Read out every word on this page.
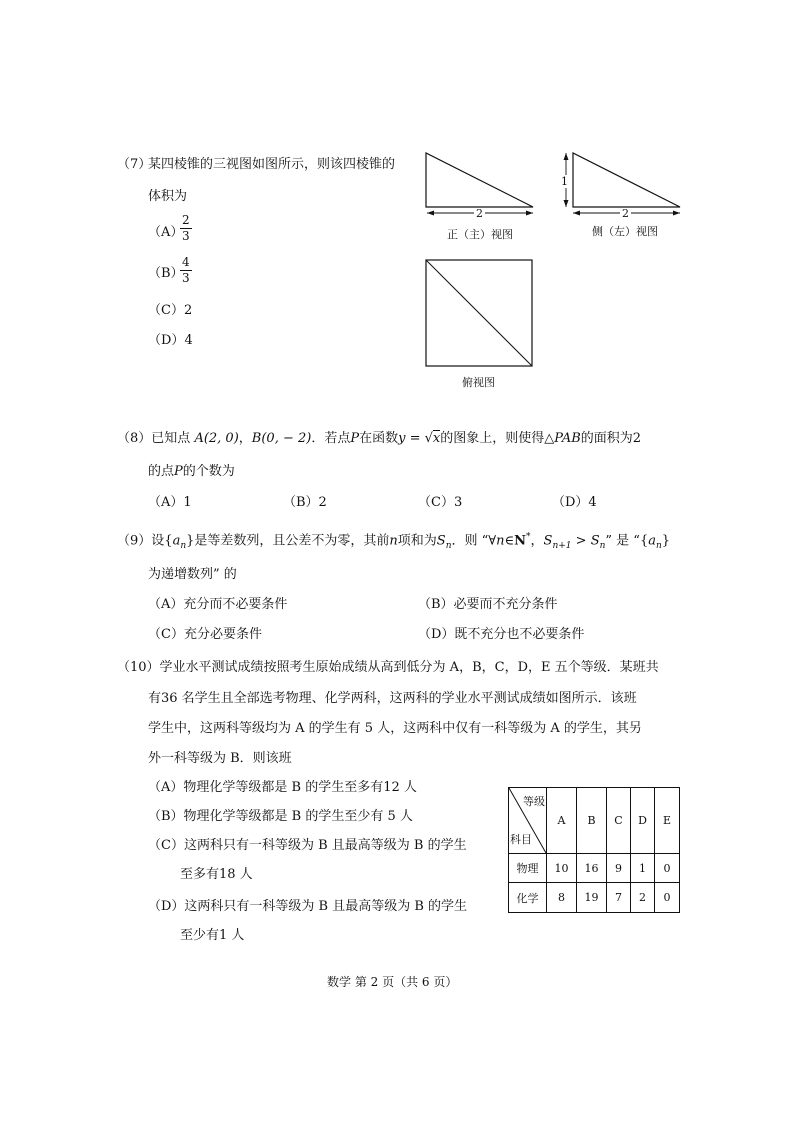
（7）
某四棱锥的三视图如图所示，则该四棱锥的
体积为
（A）
$\frac{2}{3}$
（B）
$\frac{4}{3}$
（C）2
（D）4
2	2
1
正（主）视图	侧（左）视图
俯视图
（8）已知点 A(2, 0)，B(0, − 2)．若点P在函数y = √x的图象上，则使得△PAB的面积为2
的点P的个数为
（A）1	（B）2	（C）3	（D）4
（9）设$\{a_n\}$是等差数列，且公差不为零，其前n项和为$S_n$．则 “∀n∈N*，$S_{n+1} > S_n$” 是 “$\{a_n\}$
为递增数列” 的
（A）充分而不必要条件	（B）必要而不充分条件
（C）充分必要条件	（D）既不充分也不必要条件
（10）学业水平测试成绩按照考生原始成绩从高到低分为 A，B，C，D，E 五个等级．某班共
有36 名学生且全部选考物理、化学两科，这两科的学业水平测试成绩如图所示．该班
学生中，这两科等级均为 A 的学生有 5 人，这两科中仅有一科等级为 A 的学生，其另
外一科等级为 B．则该班
（A）物理化学等级都是 B 的学生至多有12 人
（B）物理化学等级都是 B 的学生至少有 5 人
（C）这两科只有一科等级为 B 且最高等级为 B 的学生
至多有18 人
（D）这两科只有一科等级为 B 且最高等级为 B 的学生
至少有1 人
等级
科目	A	B	C	D	E
物理	10	16	9	1	0
化学	8	19	7	2	0
数学 第 2 页（共 6 页）
